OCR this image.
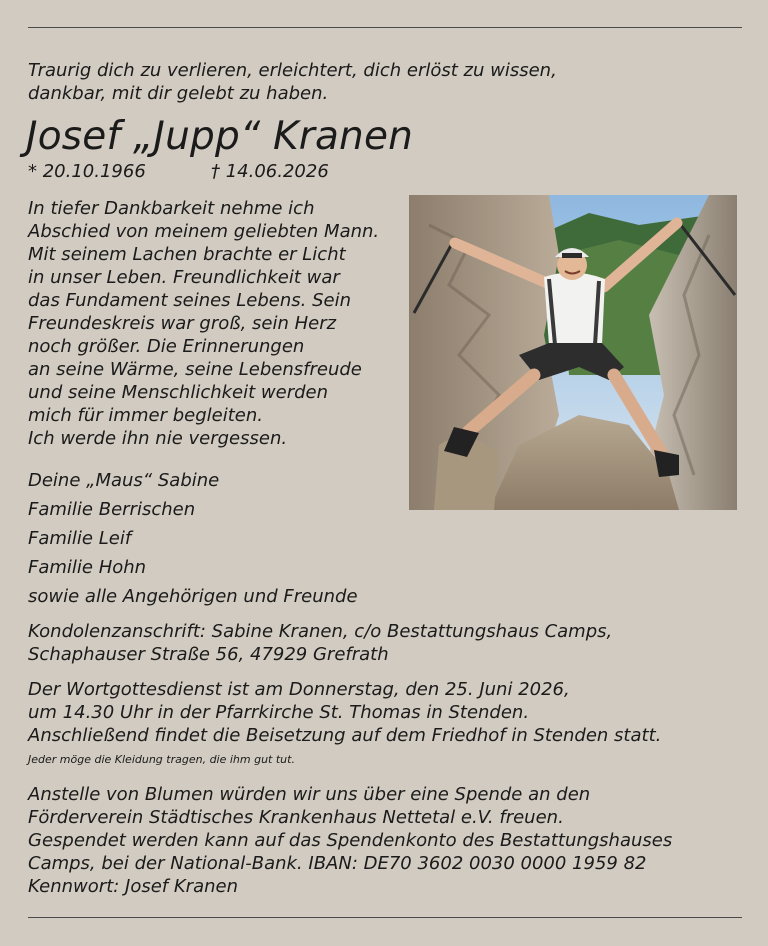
Traurig dich zu verlieren, erleichtert, dich erlöst zu wissen,
dankbar, mit dir gelebt zu haben.

Josef „Jupp“ Kranen
* 20.10.1966	† 14.06.2026

In tiefer Dankbarkeit nehme ich
Abschied von meinem geliebten Mann.
Mit seinem Lachen brachte er Licht
in unser Leben. Freundlichkeit war
das Fundament seines Lebens. Sein
Freundeskreis war groß, sein Herz
noch größer. Die Erinnerungen
an seine Wärme, seine Lebensfreude
und seine Menschlichkeit werden
mich für immer begleiten.
Ich werde ihn nie vergessen.

Deine „Maus“ Sabine
Familie Berrischen
Familie Leif
Familie Hohn
sowie alle Angehörigen und Freunde

Kondolenzanschrift: Sabine Kranen, c/o Bestattungshaus Camps,
Schaphauser Straße 56, 47929 Grefrath

Der Wortgottesdienst ist am Donnerstag, den 25. Juni 2026,
um 14.30 Uhr in der Pfarrkirche St. Thomas in Stenden.
Anschließend findet die Beisetzung auf dem Friedhof in Stenden statt.

Jeder möge die Kleidung tragen, die ihm gut tut.

Anstelle von Blumen würden wir uns über eine Spende an den
Förderverein Städtisches Krankenhaus Nettetal e.V. freuen.
Gespendet werden kann auf das Spendenkonto des Bestattungshauses
Camps, bei der National-Bank. IBAN: DE70 3602 0030 0000 1959 82
Kennwort: Josef Kranen
